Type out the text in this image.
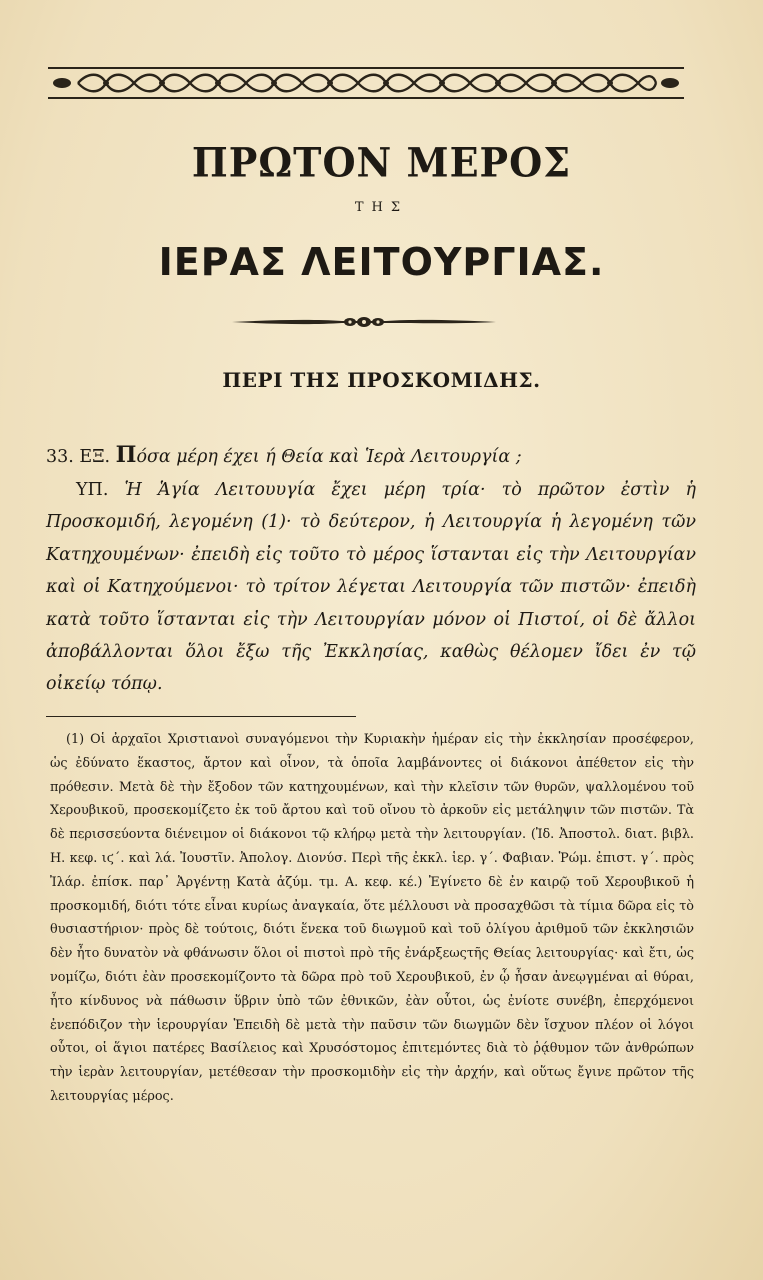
ΠΡΩΤΟΝ ΜΕΡΟΣ
ΤΗΣ
ΙΕΡΑΣ ΛΕΙΤΟΥΡΓΙΑΣ.
ΠΕΡΙ ΤΗΣ ΠΡΟΣΚΟΜΙΔΗΣ.
33. ΕΞ. Πόσα μέρη έχει ή Θεία καὶ Ἱερὰ Λειτουργία ;
ΥΠ. Ἡ Ἁγία Λειτουυγία ἔχει μέρη τρία· τὸ πρῶτον ἐστὶν ἡ Προσκομιδή, λεγομένη (1)· τὸ δεύτερον, ἡ Λειτουργία ἡ λεγομένη τῶν Κατηχουμένων· ἐπειδὴ εἰς τοῦτο τὸ μέρος ἵστανται εἰς τὴν Λειτουργίαν καὶ οἱ Κατηχούμενοι· τὸ τρίτον λέγεται Λειτουργία τῶν πιστῶν· ἐπειδὴ κατὰ τοῦτο ἵστανται εἰς τὴν Λειτουργίαν μόνον οἱ Πιστοί, οἱ δὲ ἄλλοι ἀποβάλλονται ὅλοι ἔξω τῆς Ἐκκλησίας, καθὼς θέλομεν ἴδει ἐν τῷ οἰκείῳ τόπῳ.
(1) Οἱ ἀρχαῖοι Χριστιανοὶ συναγόμενοι τὴν Κυριακὴν ἡμέραν εἰς τὴν ἐκκλησίαν προσέφερον, ὡς ἐδύνατο ἕκαστος, ἄρτον καὶ οἶνον, τὰ ὁποῖα λαμβάνοντες οἱ διάκονοι ἀπέθετον εἰς τὴν πρόθεσιν. Μετὰ δὲ τὴν ἔξοδον τῶν κατηχουμένων, καὶ τὴν κλεῖσιν τῶν θυρῶν, ψαλλομένου τοῦ Χερουβικοῦ, προσεκομίζετο ἐκ τοῦ ἄρτου καὶ τοῦ οἴνου τὸ ἀρκοῦν εἰς μετάληψιν τῶν πιστῶν. Τὰ δὲ περισσεύοντα διένειμον οἱ διάκονοι τῷ κλήρῳ μετὰ τὴν λειτουργίαν. (Ἰδ. Ἀποστολ. διατ. βιβλ. Η. κεφ. ιϛ΄. καὶ λά. Ἰουστῖν. Ἀπολογ. Διονύσ. Περὶ τῆς ἐκκλ. ἱερ. γ΄. Φαβιαν. Ῥώμ. ἐπιστ. γ΄. πρὸς Ἰλάρ. ἐπίσκ. παρ᾽ Ἀργέντῃ Κατὰ ἀζύμ. τμ. Α. κεφ. κέ.) Ἐγίνετο δὲ ἐν καιρῷ τοῦ Χερουβικοῦ ἡ προσκομιδή, διότι τότε εἶναι κυρίως ἀναγκαία, ὅτε μέλλουσι νὰ προσαχθῶσι τὰ τίμια δῶρα εἰς τὸ θυσιαστήριον· πρὸς δὲ τούτοις, διότι ἕνεκα τοῦ διωγμοῦ καὶ τοῦ ὀλίγου ἀριθμοῦ τῶν ἐκκλησιῶν δὲν ἦτο δυνατὸν νὰ φθάνωσιν ὅλοι οἱ πιστοὶ πρὸ τῆς ἐνάρξεωςτῆς Θείας λειτουργίας· καὶ ἔτι, ὡς νομίζω, διότι ἐὰν προσεκομίζοντο τὰ δῶρα πρὸ τοῦ Χερουβικοῦ, ἐν ᾧ ἦσαν ἀνεῳγμέναι αἱ θύραι, ἦτο κίνδυνος νὰ πάθωσιν ὕβριν ὑπὸ τῶν ἐθνικῶν, ἐὰν οὗτοι, ὡς ἐνίοτε συνέβη, ἐπερχόμενοι ἐνεπόδιζον τὴν ἱερουργίαν Ἐπειδὴ δὲ μετὰ τὴν παῦσιν τῶν διωγμῶν δὲν ἴσχυον πλέον οἱ λόγοι οὗτοι, οἱ ἅγιοι πατέρες Βασίλειος καὶ Χρυσόστομος ἐπιτεμόντες διὰ τὸ ῥᾴθυμον τῶν ἀνθρώπων τὴν ἱερὰν λειτουργίαν, μετέθεσαν τὴν προσκομιδὴν εἰς τὴν ἀρχήν, καὶ οὕτως ἔγινε πρῶτον τῆς λειτουργίας μέρος.
